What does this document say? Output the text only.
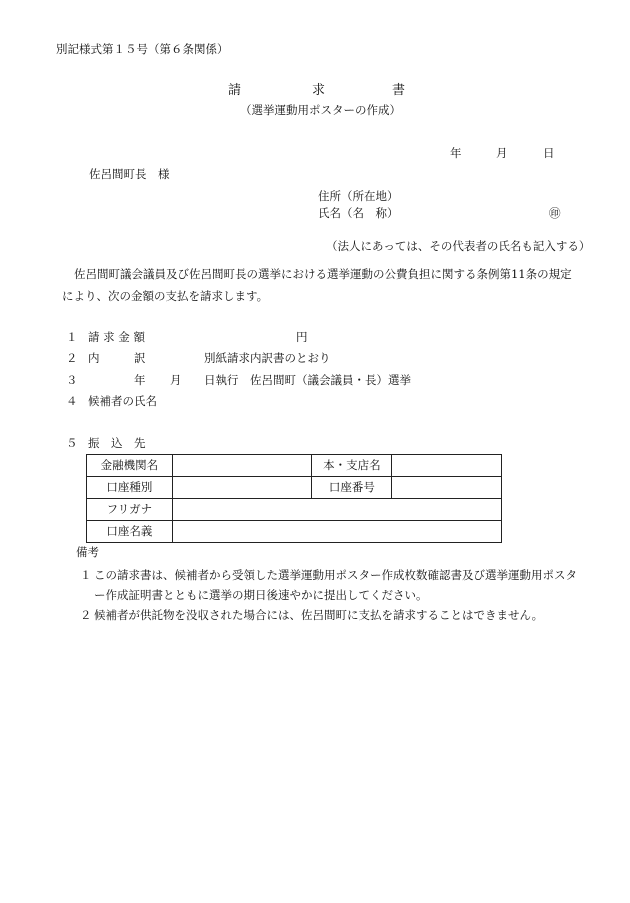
別記様式第１５号（第６条関係）
請	求	書
（選挙運動用ポスターの作成）
年	月	日
佐呂間町長　様
住所（所在地）
氏名（名　称）	㊞
（法人にあっては、その代表者の氏名も記入する）
佐呂間町議会議員及び佐呂間町長の選挙における選挙運動の公費負担に関する条例第11条の規定
により、次の金額の支払を請求します。
１ 請 求 金 額	円
２ 内　　　訳	別紙請求内訳書のとおり
３	年 月 日執行　佐呂間町（議会議員・長）選挙
４ 候補者の氏名
５ 振　込　先
金融機関名		本・支店名	
口座種別		口座番号	
フリガナ			
口座名義			
備考
１ この請求書は、候補者から受領した選挙運動用ポスター作成枚数確認書及び選挙運動用ポスタ
ー作成証明書とともに選挙の期日後速やかに提出してください。
２ 候補者が供託物を没収された場合には、佐呂間町に支払を請求することはできません。
